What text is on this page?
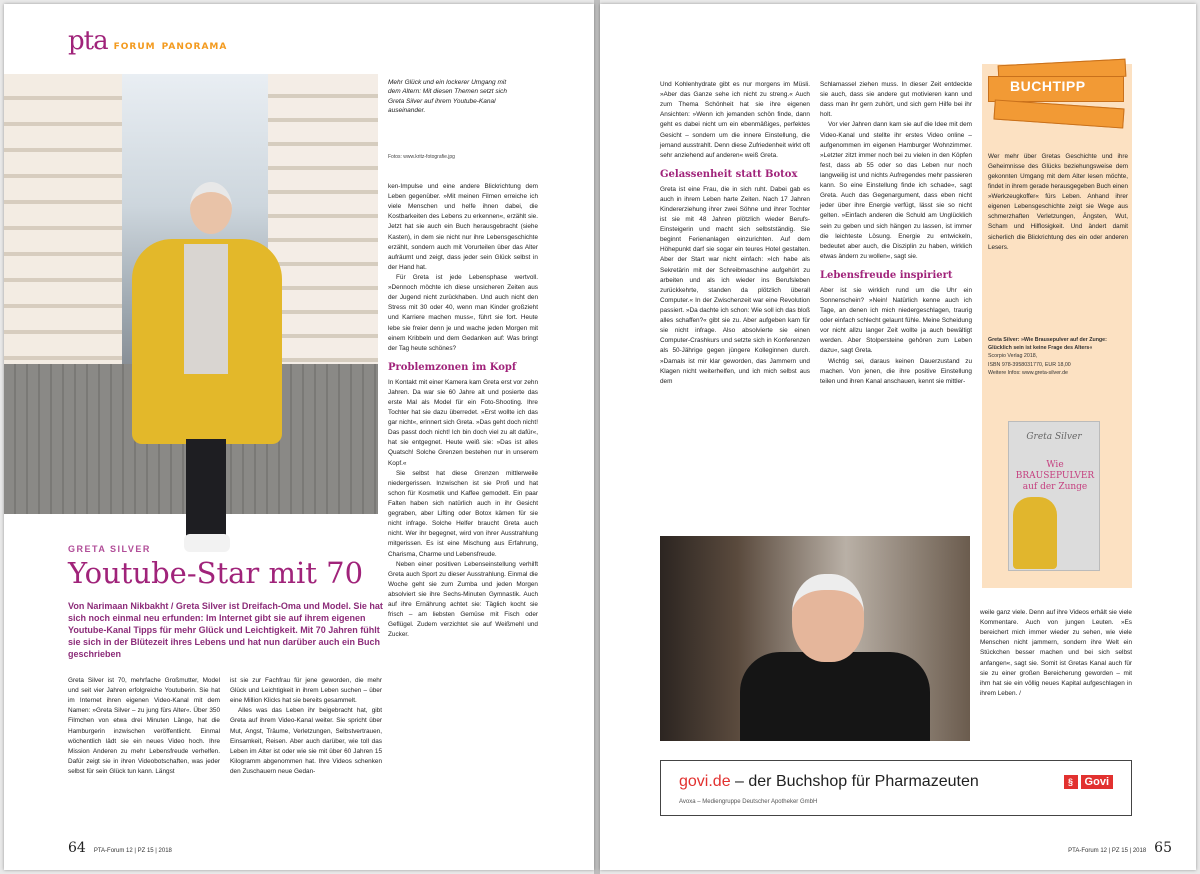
pta FORUM PANORAMA
Mehr Glück und ein lockerer Umgang mit dem Altern: Mit diesen Themen setzt sich Greta Silver auf ihrem Youtube-Kanal auseinander.
Fotos: www.kritz-fotografie.jpg
GRETA SILVER
Youtube-Star mit 70
Von Narimaan Nikbakht / Greta Silver ist Dreifach-Oma und Model. Sie hat sich noch einmal neu erfunden: Im Internet gibt sie auf ihrem eigenen Youtube-Kanal Tipps für mehr Glück und Leichtigkeit. Mit 70 Jahren fühlt sie sich in der Blütezeit ihres Lebens und hat nun darüber auch ein Buch geschrieben

Greta Silver ist 70, mehrfache Großmutter, Model und seit vier Jahren erfolgreiche Youtuberin. Sie hat im Internet ihren eigenen Video-Kanal mit dem Namen: »Greta Silver – zu jung fürs Alter«. Über 350 Filmchen von etwa drei Minuten Länge, hat die Hamburgerin inzwischen veröffentlicht. Einmal wöchentlich lädt sie ein neues Video hoch. Ihre Mission Anderen zu mehr Lebensfreude verhelfen. Dafür zeigt sie in ihren Videobotschaften, was jeder selbst für sein Glück tun kann. Längst

ist sie zur Fachfrau für jene geworden, die mehr Glück und Leichtigkeit in ihrem Leben suchen – über eine Million Klicks hat sie bereits gesammelt.

Alles was das Leben ihr beigebracht hat, gibt Greta auf ihrem Video-Kanal weiter. Sie spricht über Mut, Angst, Träume, Verletzungen, Selbstvertrauen, Einsamkeit, Reisen. Aber auch darüber, wie toll das Leben im Alter ist oder wie sie mit über 60 Jahren 15 Kilogramm abgenommen hat. Ihre Videos schenken den Zuschauern neue Gedan-

ken-Impulse und eine andere Blickrichtung dem Leben gegenüber. »Mit meinen Filmen erreiche ich viele Menschen und helfe ihnen dabei, die Kostbarkeiten des Lebens zu erkennen«, erzählt sie. Jetzt hat sie auch ein Buch herausgebracht (siehe Kasten), in dem sie nicht nur ihre Lebensgeschichte erzählt, sondern auch mit Vorurteilen über das Alter aufräumt und zeigt, dass jeder sein Glück selbst in der Hand hat.

Für Greta ist jede Lebensphase wertvoll. »Dennoch möchte ich diese unsicheren Zeiten aus der Jugend nicht zurückhaben. Und auch nicht den Stress mit 30 oder 40, wenn man Kinder großzieht und Karriere machen muss«, führt sie fort. Heute lebe sie freier denn je und wache jeden Morgen mit einem Kribbeln und dem Gedanken auf: Was bringt der Tag heute schönes?

Problemzonen im Kopf

In Kontakt mit einer Kamera kam Greta erst vor zehn Jahren. Da war sie 60 Jahre alt und posierte das erste Mal als Model für ein Foto-Shooting. Ihre Tochter hat sie dazu überredet. »Erst wollte ich das gar nicht«, erinnert sich Greta. »Das geht doch nicht! Das passt doch nicht! Ich bin doch viel zu alt dafür«, hat sie entgegnet. Heute weiß sie: »Das ist alles Quatsch! Solche Grenzen bestehen nur in unserem Kopf.«

Sie selbst hat diese Grenzen mittlerweile niedergerissen. Inzwischen ist sie Profi und hat schon für Kosmetik und Kaffee gemodelt. Ein paar Falten haben sich natürlich auch in ihr Gesicht gegraben, aber Lifting oder Botox kämen für sie nicht infrage. Solche Helfer braucht Greta auch nicht. Wer ihr begegnet, wird von ihrer Ausstrahlung mitgerissen. Es ist eine Mischung aus Erfahrung, Charisma, Charme und Lebensfreude.

Neben einer positiven Lebenseinstellung verhilft Greta auch Sport zu dieser Ausstrahlung. Einmal die Woche geht sie zum Zumba und jeden Morgen absolviert sie ihre Sechs-Minuten Gymnastik. Auch auf ihre Ernährung achtet sie: Täglich kocht sie frisch – am liebsten Gemüse mit Fisch oder Geflügel. Zudem verzichtet sie auf Weißmehl und Zucker.

64 PTA-Forum 12 | PZ 15 | 2018

Und Kohlenhydrate gibt es nur morgens im Müsli. »Aber das Ganze sehe ich nicht zu streng.« Auch zum Thema Schönheit hat sie ihre eigenen Ansichten: »Wenn ich jemanden schön finde, dann geht es dabei nicht um ein ebenmäßiges, perfektes Gesicht – sondern um die innere Einstellung, die jemand ausstrahlt. Denn diese Zufriedenheit wirkt oft sehr anziehend auf anderen« weiß Greta.

Gelassenheit statt Botox

Greta ist eine Frau, die in sich ruht. Dabei gab es auch in ihrem Leben harte Zeiten. Nach 17 Jahren Kindererziehung ihrer zwei Söhne und ihrer Tochter ist sie mit 48 Jahren plötzlich wieder Berufs-Einsteigerin und macht sich selbstständig. Sie beginnt Ferienanlagen einzurichten. Auf dem Höhepunkt darf sie sogar ein teures Hotel gestalten. Aber der Start war nicht einfach: »Ich habe als Sekretärin mit der Schreibmaschine aufgehört zu arbeiten und als ich wieder ins Berufsleben zurückkehrte, standen da plötzlich überall Computer.« In der Zwischenzeit war eine Revolution passiert. »Da dachte ich schon: Wie soll ich das bloß alles schaffen?« gibt sie zu. Aber aufgeben kam für sie nicht infrage. Also absolvierte sie einen Computer-Crashkurs und setzte sich in Konferenzen als 50-Jährige gegen jüngere Kolleginnen durch. »Damals ist mir klar geworden, das Jammern und Klagen nicht weiterhelfen, und ich mich selbst aus dem

Schlamassel ziehen muss. In dieser Zeit entdeckte sie auch, dass sie andere gut motivieren kann und dass man ihr gern zuhört, und sich gern Hilfe bei ihr holt.

Vor vier Jahren dann kam sie auf die Idee mit dem Video-Kanal und stellte ihr erstes Video online – aufgenommen im eigenen Hamburger Wohnzimmer. »Letzter zitzt immer noch bei zu vielen in den Köpfen fest, dass ab 55 oder so das Leben nur noch langweilig ist und nichts Aufregendes mehr passieren kann. So eine Einstellung finde ich schade«, sagt Greta. Auch das Gegenargument, dass eben nicht jeder über ihre Energie verfügt, lässt sie so nicht gelten. »Einfach anderen die Schuld am Unglücklich sein zu geben und sich hängen zu lassen, ist immer die leichteste Lösung. Energie zu entwickeln, bedeutet aber auch, die Disziplin zu haben, wirklich etwas ändern zu wollen«, sagt sie.

Lebensfreude inspiriert

Aber ist sie wirklich rund um die Uhr ein Sonnenschein? »Nein! Natürlich kenne auch ich Tage, an denen ich mich niedergeschlagen, traurig oder einfach schlecht gelaunt fühle. Meine Scheidung vor nicht allzu langer Zeit wollte ja auch bewältigt werden. Aber Stolpersteine gehören zum Leben dazu«, sagt Greta.

Wichtig sei, daraus keinen Dauerzustand zu machen. Von jenen, die ihre positive Einstellung teilen und ihren Kanal anschauen, kennt sie mittler-

weile ganz viele. Denn auf ihre Videos erhält sie viele Kommentare. Auch von jungen Leuten. »Es bereichert mich immer wieder zu sehen, wie viele Menschen nicht jammern, sondern ihre Welt ein Stückchen besser machen und bei sich selbst anfangen«, sagt sie. Somit ist Gretas Kanal auch für sie zu einer großen Bereicherung geworden – mit ihm hat sie ein völlig neues Kapital aufgeschlagen in ihrem Leben. /

BUCHTIPP
Wer mehr über Gretas Geschichte und ihre Geheimnisse des Glücks beziehungsweise dem gekonnten Umgang mit dem Alter lesen möchte, findet in ihrem gerade herausgegeben Buch einen »Werkzeugkoffer« fürs Leben. Anhand ihrer eigenen Lebensgeschichte zeigt sie Wege aus schmerzhaften Verletzungen, Ängsten, Wut, Scham und Hilflosigkeit. Und ändert damit sicherlich die Blickrichtung des ein oder anderen Lesers.
Greta Silver: »Wie Brausepulver auf der Zunge: Glücklich sein ist keine Frage des Alters«
Scorpio Verlag 2018,
ISBN 978-3958031770, EUR 18,00
Weitere Infos: www.greta-silver.de
Greta Silver
Wie BRAUSEPULVER auf der Zunge
govi.de – der Buchshop für Pharmazeuten
Avoxa – Mediengruppe Deutscher Apotheker GmbH
§	Govi
PTA-Forum 12 | PZ 15 | 2018 65
